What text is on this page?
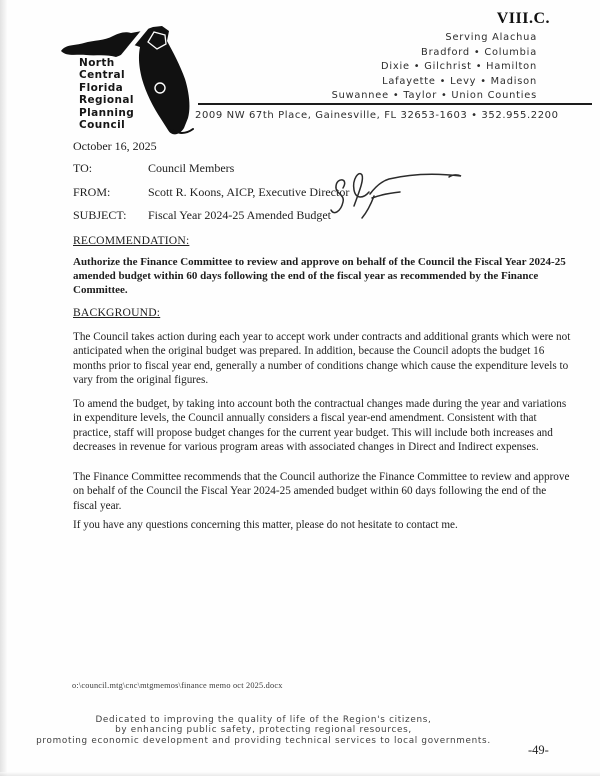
VIII.C.
North
Central
Florida
Regional
Planning
Council
Serving Alachua
Bradford • Columbia
Dixie • Gilchrist • Hamilton
Lafayette • Levy • Madison
Suwannee • Taylor • Union Counties
2009 NW 67th Place, Gainesville, FL 32653-1603 • 352.955.2200
October 16, 2025
TO:	Council Members
FROM:	Scott R. Koons, AICP, Executive Director
SUBJECT: Fiscal Year 2024-25 Amended Budget
RECOMMENDATION:
Authorize the Finance Committee to review and approve on behalf of the Council the Fiscal Year 2024-25 amended budget within 60 days following the end of the fiscal year as recommended by the Finance Committee.
BACKGROUND:
The Council takes action during each year to accept work under contracts and additional grants which were not anticipated when the original budget was prepared. In addition, because the Council adopts the budget 16 months prior to fiscal year end, generally a number of conditions change which cause the expenditure levels to vary from the original figures.
To amend the budget, by taking into account both the contractual changes made during the year and variations in expenditure levels, the Council annually considers a fiscal year-end amendment. Consistent with that practice, staff will propose budget changes for the current year budget. This will include both increases and decreases in revenue for various program areas with associated changes in Direct and Indirect expenses.
The Finance Committee recommends that the Council authorize the Finance Committee to review and approve on behalf of the Council the Fiscal Year 2024-25 amended budget within 60 days following the end of the fiscal year.
If you have any questions concerning this matter, please do not hesitate to contact me.
o:\council.mtg\cnc\mtgmemos\finance memo oct 2025.docx
Dedicated to improving the quality of life of the Region's citizens,
by enhancing public safety, protecting regional resources,
promoting economic development and providing technical services to local governments.
-49-
